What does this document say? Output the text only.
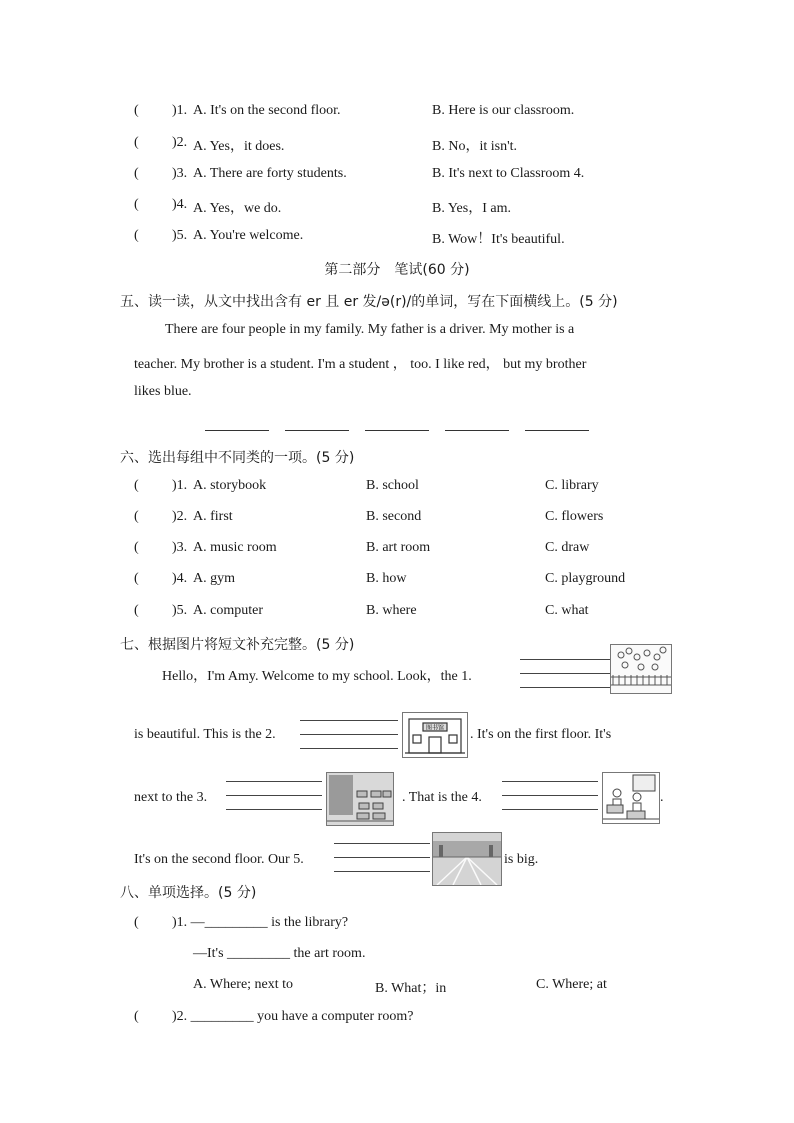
( )1. A. It's on the second floor.	B. Here is our classroom.
( )2. A. Yes，it does.	B. No，it isn't.
( )3. A. There are forty students.	B. It's next to Classroom 4.
( )4. A. Yes，we do.	B. Yes，I am.
( )5. A. You're welcome.	B. Wow！It's beautiful.
第二部分　笔试(60 分)
五、读一读，从文中找出含有 er 且 er 发/ə(r)/的单词，写在下面横线上。(5 分)
There are four people in my family. My father is a driver. My mother is a
teacher. My brother is a student. I'm a student ， too. I like red， but my brother
likes blue.
六、选出每组中不同类的一项。(5 分)
( )1. A. storybook	B. school	C. library
( )2. A. first	B. second	C. flowers
( )3. A. music room	B. art room	C. draw
( )4. A. gym	B. how	C. playground
( )5. A. computer	B. where	C. what
七、根据图片将短文补充完整。(5 分)
Hello，I'm Amy. Welcome to my school. Look，the 1.
is beautiful. This is the 2.	图书馆 . It's on the first floor. It's
next to the 3.	. That is the 4.	.
It's on the second floor. Our 5.	is big.
八、单项选择。(5 分)
( )1. —_________ is the library?
—It's _________ the art room.
A. Where; next to	B. What；in	C. Where; at
( )2. _________ you have a computer room?
